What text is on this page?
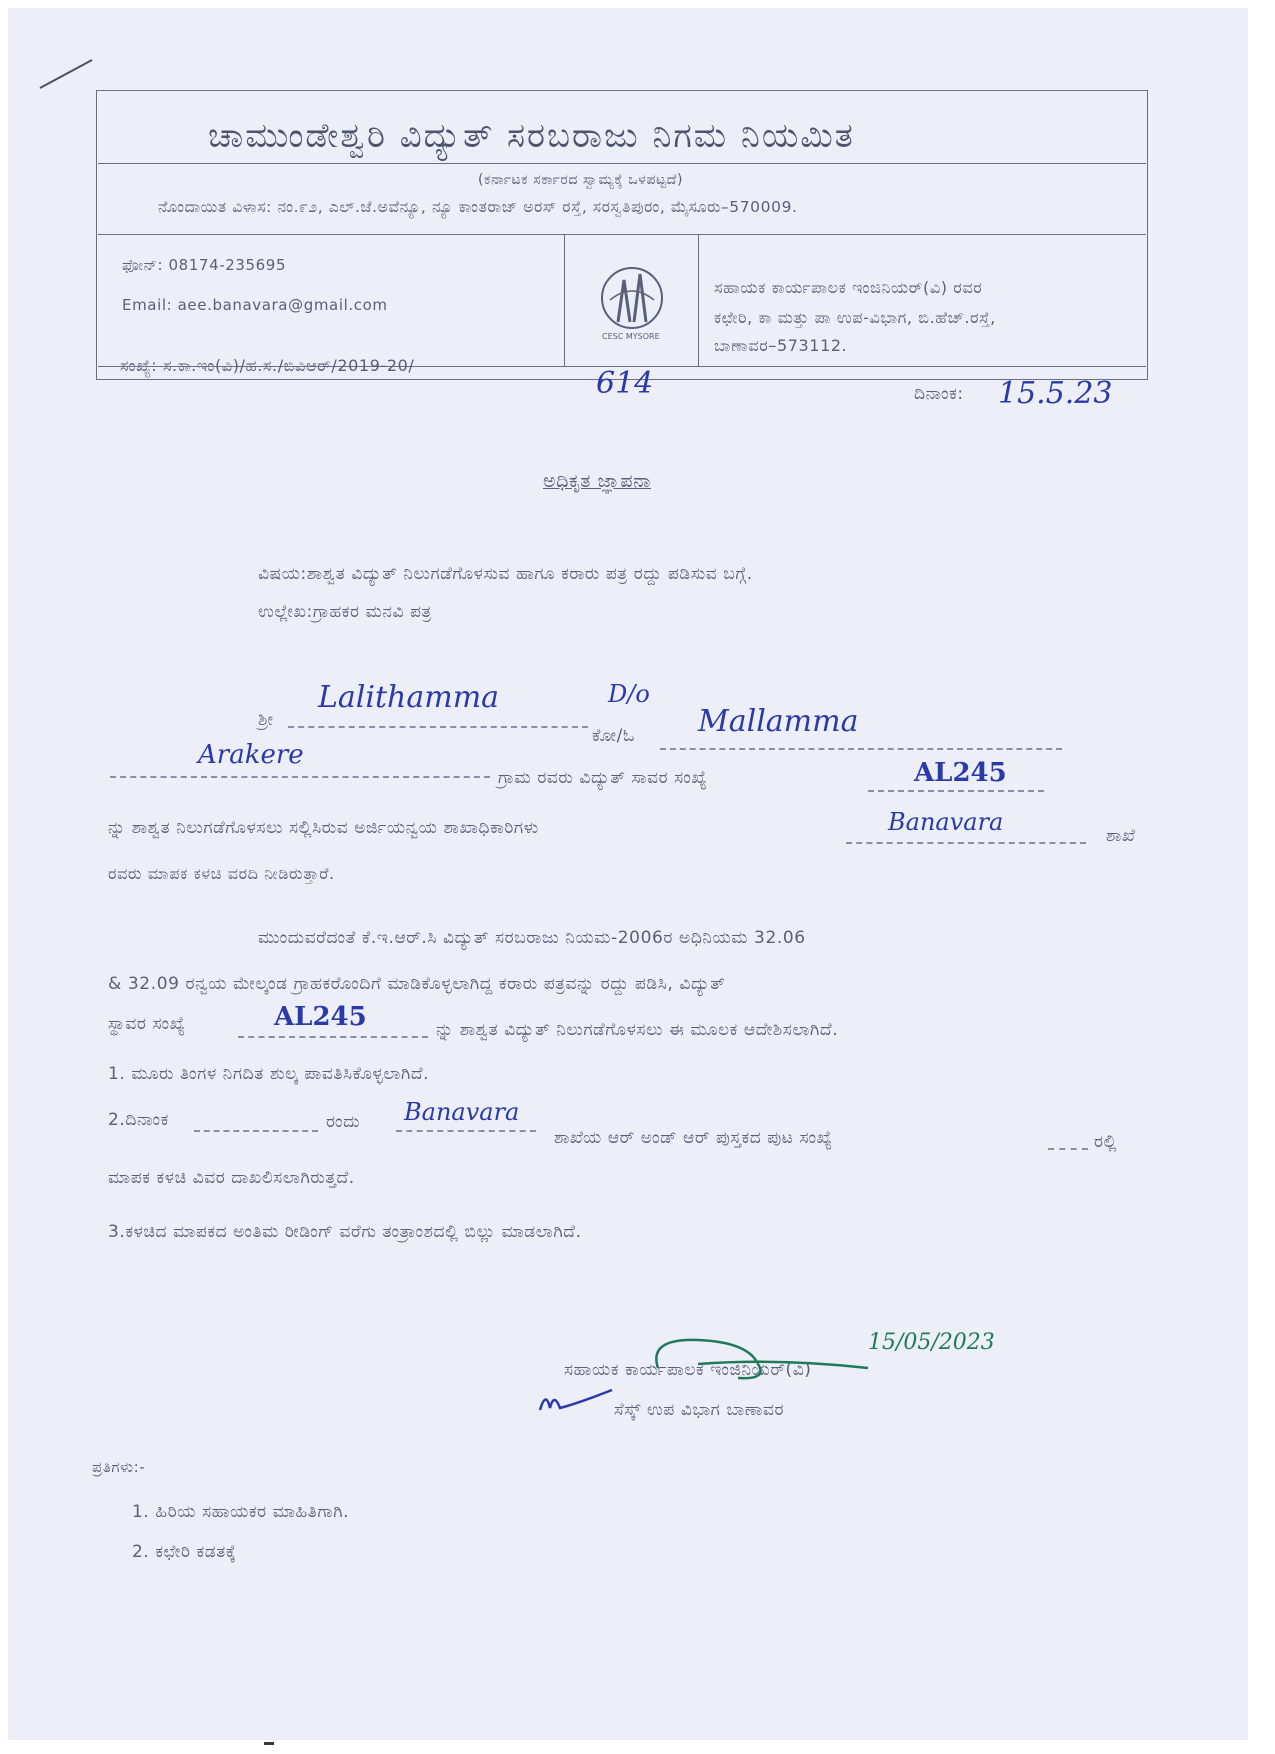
ಚಾಮುಂಡೇಶ್ವರಿ ವಿದ್ಯುತ್ ಸರಬರಾಜು ನಿಗಮ ನಿಯಮಿತ
(ಕರ್ನಾಟಕ ಸರ್ಕಾರದ ಸ್ವಾಮ್ಯಕ್ಕೆ ಒಳಪಟ್ಟದೆ)
ನೊಂದಾಯಿತ ವಿಳಾಸ: ನಂ.೯೨, ಎಲ್.ಜೆ.ಅವೆನ್ಯೂ, ನ್ಯೂ ಕಾಂತರಾಜ್ ಅರಸ್ ರಸ್ತೆ, ಸರಸ್ವತಿಪುರಂ, ಮೈಸೂರು–570009.
ಫೋನ್: 08174-235695
Email: aee.banavara@gmail.com
CESC MYSORE
ಸಹಾಯಕ ಕಾರ್ಯಪಾಲಕ ಇಂಜಿನಿಯರ್(ವಿ) ರವರ
ಕಛೇರಿ, ಕಾ ಮತ್ತು ಪಾ ಉಪ-ವಿಭಾಗ, ಬಿ.ಹೆಚ್.ರಸ್ತೆ,
ಬಾಣಾವರ–573112.
ಸಂಖ್ಯೆ: ಸ.ಕಾ.ಇಂ(ವಿ)/ಹ.ಸ./ಬಿವಿಆರ್/2019-20/
614	ದಿನಾಂಕ: 15.5.23
ಅಧಿಕೃತ ಜ್ಞಾಪನಾ
ವಿಷಯ:ಶಾಶ್ವತ ವಿದ್ಯುತ್ ನಿಲುಗಡೆಗೊಳಸುವ ಹಾಗೂ ಕರಾರು ಪತ್ರ ರದ್ದು ಪಡಿಸುವ ಬಗ್ಗೆ.
ಉಲ್ಲೇಖ:ಗ್ರಾಹಕರ ಮನವಿ ಪತ್ರ
ಶ್ರೀ
Lalithamma	D/o
ಕೋ/ಓ Mallamma
Arakere
ಗ್ರಾಮ ರವರು ವಿದ್ಯುತ್ ಸಾವರ ಸಂಖ್ಯೆ	AL245
ನ್ನು ಶಾಶ್ವತ ನಿಲುಗಡೆಗೊಳಸಲು ಸಲ್ಲಿಸಿರುವ ಅರ್ಜಿಯನ್ವಯ ಶಾಖಾಧಿಕಾರಿಗಳು	Banavara	ಶಾಖೆ
ರವರು ಮಾಪಕ ಕಳಚಿ ವರದಿ ನೀಡಿರುತ್ತಾರೆ.
ಮುಂದುವರೆದಂತೆ ಕೆ.ಇ.ಆರ್.ಸಿ ವಿದ್ಯುತ್ ಸರಬರಾಜು ನಿಯಮ-2006ರ ಅಧಿನಿಯಮ 32.06
& 32.09 ರನ್ವಯ ಮೇಲ್ಕಂಡ ಗ್ರಾಹಕರೊಂದಿಗೆ ಮಾಡಿಕೊಳ್ಳಲಾಗಿದ್ದ ಕರಾರು ಪತ್ರವನ್ನು ರದ್ದು ಪಡಿಸಿ, ವಿದ್ಯುತ್
ಸ್ಥಾವರ ಸಂಖ್ಯೆ	AL245	ನ್ನು ಶಾಶ್ವತ ವಿದ್ಯುತ್ ನಿಲುಗಡೆಗೊಳಸಲು ಈ ಮೂಲಕ ಆದೇಶಿಸಲಾಗಿದೆ.
1. ಮೂರು ತಿಂಗಳ ನಿಗದಿತ ಶುಲ್ಕ ಪಾವತಿಸಿಕೊಳ್ಳಲಾಗಿದೆ.
2.ದಿನಾಂಕ	ರಂದು Banavara
ಶಾಖೆಯ ಆರ್ ಅಂಡ್ ಆರ್ ಪುಸ್ತಕದ ಪುಟ ಸಂಖ್ಯೆ	ರಲ್ಲಿ
ಮಾಪಕ ಕಳಚಿ ವಿವರ ದಾಖಲಿಸಲಾಗಿರುತ್ತದೆ.
3.ಕಳಚಿದ ಮಾಪಕದ ಅಂತಿಮ ರೀಡಿಂಗ್ ವರೆಗು ತಂತ್ರಾಂಶದಲ್ಲಿ ಬಿಲ್ಲು ಮಾಡಲಾಗಿದೆ.
ಸಹಾಯಕ ಕಾರ್ಯಪಾಲಕ ಇಂಜಿನಿಯರ್(ವಿ)
15/05/2023
ಸೆಸ್ಕ್ ಉಪ ವಿಭಾಗ ಬಾಣಾವರ
ಪ್ರತಿಗಳು:-
1. ಹಿರಿಯ ಸಹಾಯಕರ ಮಾಹಿತಿಗಾಗಿ.
2. ಕಛೇರಿ ಕಡತಕ್ಕೆ
